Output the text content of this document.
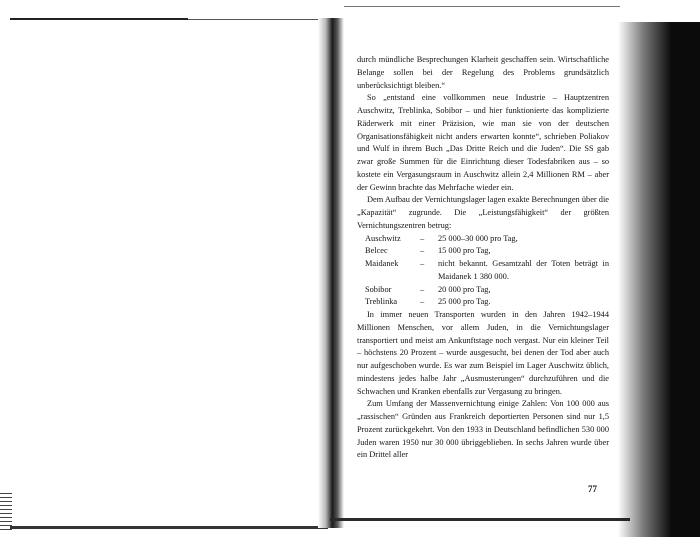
durch mündliche Besprechungen Klarheit geschaffen sein. Wirtschaftliche Belange sollen bei der Regelung des Problems grundsätzlich unberücksichtigt bleiben.“

So „entstand eine vollkommen neue Industrie – Hauptzentren Auschwitz, Treblinka, Sobibor – und hier funktionierte das komplizierte Räderwerk mit einer Präzision, wie man sie von der deutschen Organisationsfähigkeit nicht anders erwarten konnte“, schrieben Poliakov und Wulf in ihrem Buch „Das Dritte Reich und die Juden“. Die SS gab zwar große Summen für die Einrichtung dieser Todesfabriken aus – so kostete ein Vergasungsraum in Auschwitz allein 2,4 Millionen RM – aber der Gewinn brachte das Mehrfache wieder ein.

Dem Aufbau der Vernichtungslager lagen exakte Berechnungen über die „Kapazität“ zugrunde. Die „Leistungsfähigkeit“ der größten Vernichtungszentren betrug:

Auschwitz	–	25 000–30 000 pro Tag,
Belcec	–	15 000 pro Tag,
Maidanek	–	nicht bekannt. Gesamtzahl der Toten beträgt in Maidanek 1 380 000.
Sobibor	–	20 000 pro Tag,
Treblinka	–	25 000 pro Tag.

In immer neuen Transporten wurden in den Jahren 1942–1944 Millionen Menschen, vor allem Juden, in die Vernichtungslager transportiert und meist am Ankunftstage noch vergast. Nur ein kleiner Teil – höchstens 20 Prozent – wurde ausgesucht, bei denen der Tod aber auch nur aufgeschoben wurde. Es war zum Beispiel im Lager Auschwitz üblich, mindestens jedes halbe Jahr „Ausmusterungen“ durchzuführen und die Schwachen und Kranken ebenfalls zur Vergasung zu bringen.

Zum Umfang der Massenvernichtung einige Zahlen: Von 100 000 aus „rassischen“ Gründen aus Frankreich deportierten Personen sind nur 1,5 Prozent zurückgekehrt. Von den 1933 in Deutschland befindlichen 530 000 Juden waren 1950 nur 30 000 übriggeblieben. In sechs Jahren wurde über ein Drittel aller

77
